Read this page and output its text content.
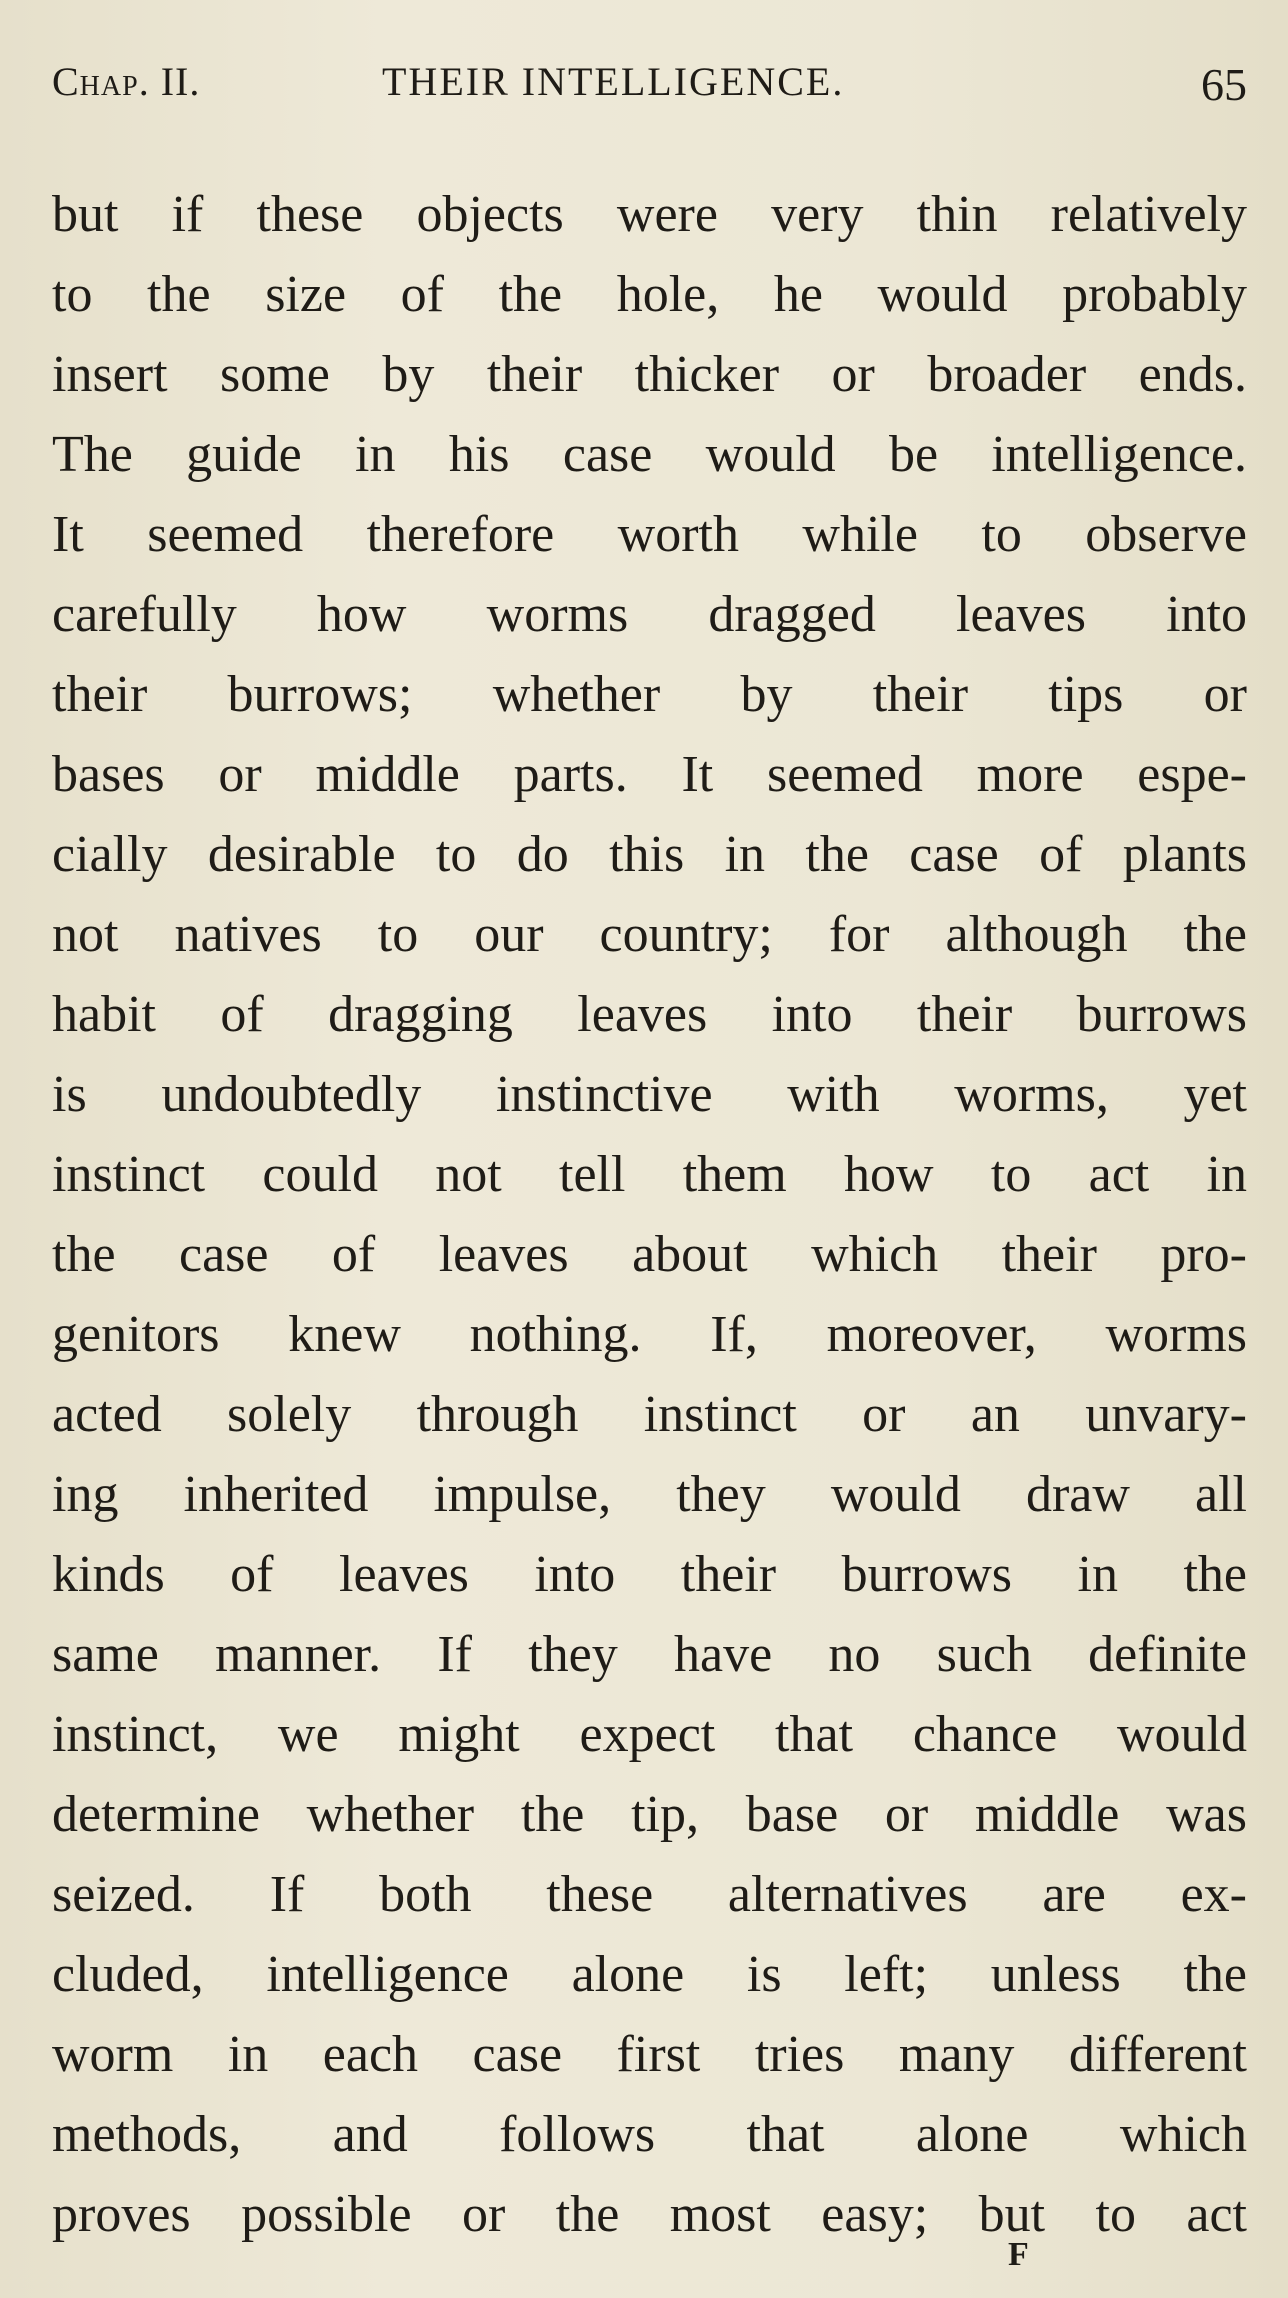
Chap. II.	THEIR INTELLIGENCE.	65
but if these objects were very thin relatively
to the size of the hole, he would probably
insert some by their thicker or broader ends.
The guide in his case would be intelligence.
It seemed therefore worth while to observe
carefully how worms dragged leaves into
their burrows; whether by their tips or
bases or middle parts. It seemed more espe-
cially desirable to do this in the case of plants
not natives to our country; for although the
habit of dragging leaves into their burrows
is undoubtedly instinctive with worms, yet
instinct could not tell them how to act in
the case of leaves about which their pro-
genitors knew nothing. If, moreover, worms
acted solely through instinct or an unvary-
ing inherited impulse, they would draw all
kinds of leaves into their burrows in the
same manner. If they have no such definite
instinct, we might expect that chance would
determine whether the tip, base or middle was
seized. If both these alternatives are ex-
cluded, intelligence alone is left; unless the
worm in each case first tries many different
methods, and follows that alone which
proves possible or the most easy; but to act
F
